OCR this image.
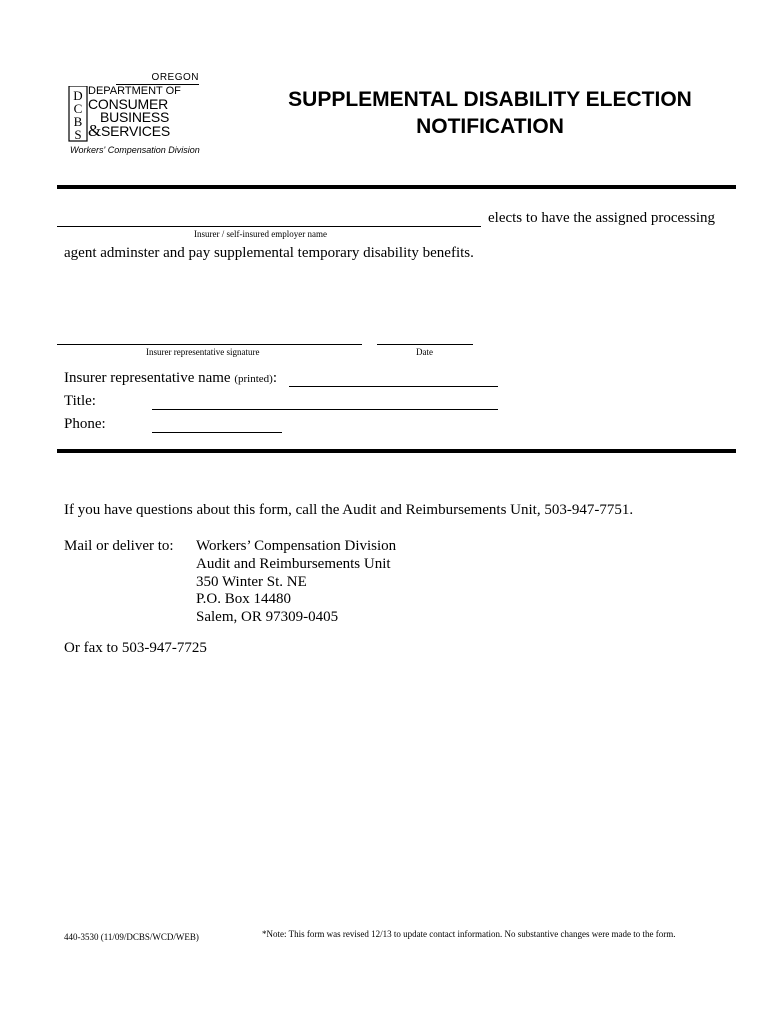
OREGON
D
C
B
S
DEPARTMENT OF
CONSUMER
BUSINESS
&SERVICES
Workers' Compensation Division
SUPPLEMENTAL DISABILITY ELECTION
NOTIFICATION
elects to have the assigned processing
Insurer / self-insured employer name
agent adminster and pay supplemental temporary disability benefits.
Insurer representative signature	Date
Insurer representative name (printed):
Title:
Phone:
If you have questions about this form, call the Audit and Reimbursements Unit, 503-947-7751.
Mail or deliver to: Workers’ Compensation Division
Audit and Reimbursements Unit
350 Winter St. NE
P.O. Box 14480
Salem, OR 97309-0405
Or fax to 503-947-7725
440-3530 (11/09/DCBS/WCD/WEB)	*Note: This form was revised 12/13 to update contact information. No substantive changes were made to the form.
